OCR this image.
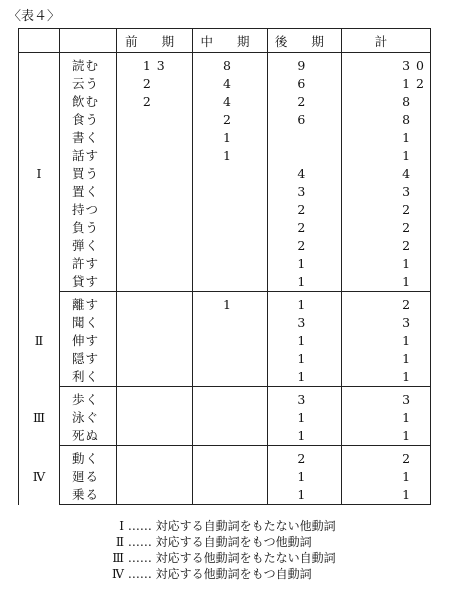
〈表４〉
		前 期	中 期	後 期	計
Ⅰ	読む	13	8	9	30
	云う	2	4	6	12
	飲む	2	4	2	8
	食う		2	6	8
	書く		1		1
	話す		1		1
	買う			4	4
	置く			3	3
	持つ			2	2
	負う			2	2
	弾く			2	2
	許す			1	1
	貸す			1	1
Ⅱ	離す		1	1	2
	聞く			3	3
	伸す			1	1
	隠す			1	1
	利く			1	1
Ⅲ	歩く			3	3
	泳ぐ			1	1
	死ぬ			1	1
Ⅳ	動く			2	2
	廻る			1	1
	乗る			1	1
Ⅰ …… 対応する自動詞をもたない他動詞
Ⅱ …… 対応する自動詞をもつ他動詞
Ⅲ …… 対応する他動詞をもたない自動詞
Ⅳ …… 対応する他動詞をもつ自動詞
